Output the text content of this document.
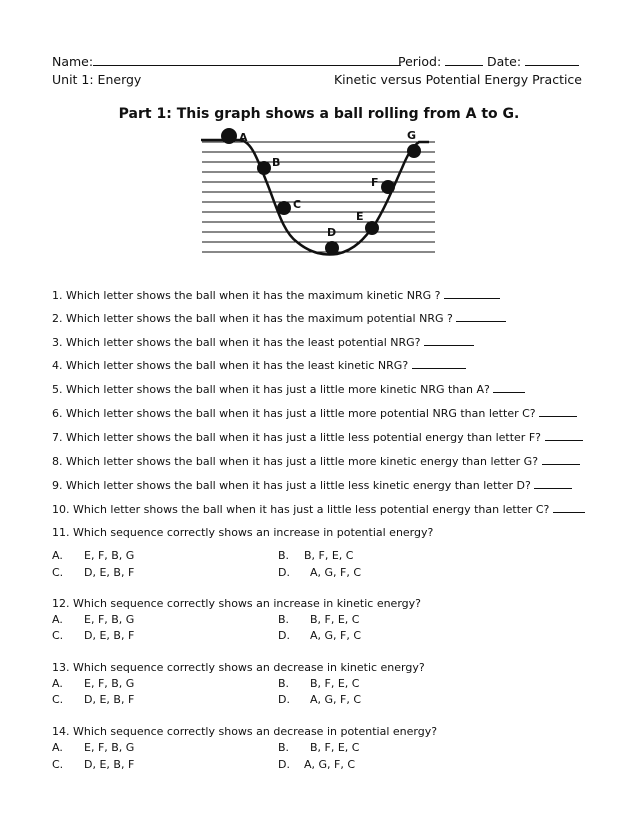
Name:	Period:	Date:
Unit 1: Energy	Kinetic versus Potential Energy Practice
Part 1: This graph shows a ball rolling from A to G.
A
B
C
D
E
F
G
1. Which letter shows the ball when it has the maximum kinetic NRG ?
2. Which letter shows the ball when it has the maximum potential NRG ?
3. Which letter shows the ball when it has the least potential NRG?
4. Which letter shows the ball when it has the least kinetic NRG?
5. Which letter shows the ball when it has just a little more kinetic NRG than A?
6. Which letter shows the ball when it has just a little more potential NRG than letter C?
7. Which letter shows the ball when it has just a little less potential energy than letter F?
8. Which letter shows the ball when it has just a little more kinetic energy than letter G?
9. Which letter shows the ball when it has just a little less kinetic energy than letter D?
10. Which letter shows the ball when it has just a little less potential energy than letter C?
11. Which sequence correctly shows an increase in potential energy?
A. E, F, B, G	B. B, F, E, C
C. D, E, B, F	D. A, G, F, C
12. Which sequence correctly shows an increase in kinetic energy?
A. E, F, B, G	B. B, F, E, C
C. D, E, B, F	D. A, G, F, C
13. Which sequence correctly shows an decrease in kinetic energy?
A. E, F, B, G	B. B, F, E, C
C. D, E, B, F	D. A, G, F, C
14. Which sequence correctly shows an decrease in potential energy?
A. E, F, B, G	B. B, F, E, C
C. D, E, B, F	D. A, G, F, C
